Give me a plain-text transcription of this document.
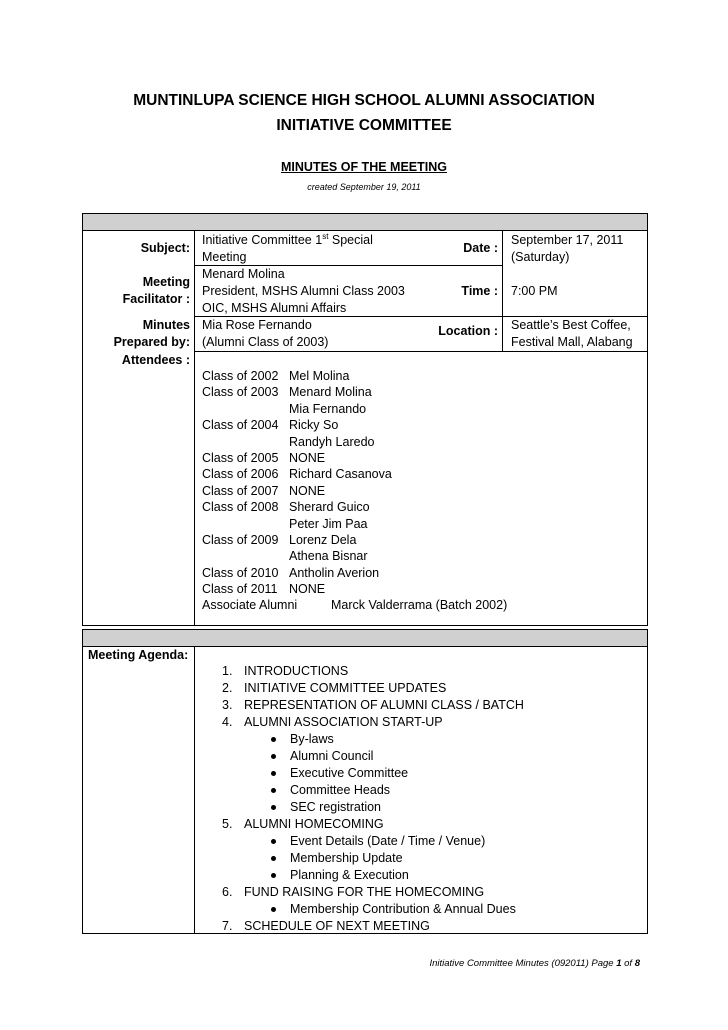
MUNTINLUPA SCIENCE HIGH SCHOOL ALUMNI ASSOCIATION
INITIATIVE COMMITTEE
MINUTES OF THE MEETING
created September 19, 2011
Subject:
Meeting
Facilitator :
Minutes
Prepared by:
Attendees :
Initiative Committee 1st Special
Meeting
Menard Molina
President, MSHS Alumni Class 2003
OIC, MSHS Alumni Affairs
Mia Rose Fernando
(Alumni Class of 2003)
Date :
Time :
Location :
September 17, 2011
(Saturday)
7:00 PM
Seattle’s Best Coffee,
Festival Mall, Alabang
Class of 2002 Mel Molina
Class of 2003 Menard Molina
Mia Fernando
Class of 2004 Ricky So
Randyh Laredo
Class of 2005 NONE
Class of 2006 Richard Casanova
Class of 2007 NONE
Class of 2008 Sherard Guico
Peter Jim Paa
Class of 2009 Lorenz Dela
Athena Bisnar
Class of 2010 Antholin Averion
Class of 2011 NONE
Associate Alumni	Marck Valderrama (Batch 2002)
Meeting Agenda:
1. INTRODUCTIONS
2. INITIATIVE COMMITTEE UPDATES
3. REPRESENTATION OF ALUMNI CLASS / BATCH
4. ALUMNI ASSOCIATION START-UP
By-laws
Alumni Council
Executive Committee
Committee Heads
SEC registration
5. ALUMNI HOMECOMING
Event Details (Date / Time / Venue)
Membership Update
Planning & Execution
6. FUND RAISING FOR THE HOMECOMING
Membership Contribution & Annual Dues
7. SCHEDULE OF NEXT MEETING
Initiative Committee Minutes (092011) Page 1 of 8
